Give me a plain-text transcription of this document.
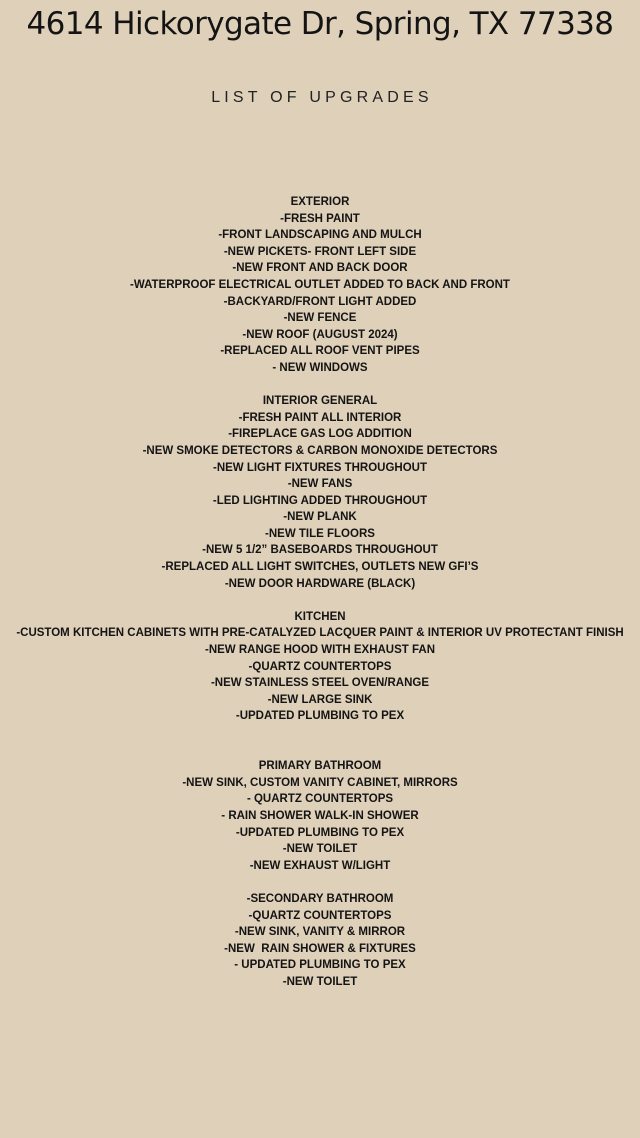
4614 Hickorygate Dr, Spring, TX 77338
LIST OF UPGRADES
EXTERIOR
-FRESH PAINT
-FRONT LANDSCAPING AND MULCH
-NEW PICKETS- FRONT LEFT SIDE
-NEW FRONT AND BACK DOOR
-WATERPROOF ELECTRICAL OUTLET ADDED TO BACK AND FRONT
-BACKYARD/FRONT LIGHT ADDED
-NEW FENCE
-NEW ROOF (AUGUST 2024)
-REPLACED ALL ROOF VENT PIPES
- NEW WINDOWS
INTERIOR GENERAL
-FRESH PAINT ALL INTERIOR
-FIREPLACE GAS LOG ADDITION
-NEW SMOKE DETECTORS & CARBON MONOXIDE DETECTORS
-NEW LIGHT FIXTURES THROUGHOUT
-NEW FANS
-LED LIGHTING ADDED THROUGHOUT
-NEW PLANK
-NEW TILE FLOORS
-NEW 5 1/2” BASEBOARDS THROUGHOUT
-REPLACED ALL LIGHT SWITCHES, OUTLETS NEW GFI’S
-NEW DOOR HARDWARE (BLACK)
KITCHEN
-CUSTOM KITCHEN CABINETS WITH PRE-CATALYZED LACQUER PAINT & INTERIOR UV PROTECTANT FINISH
-NEW RANGE HOOD WITH EXHAUST FAN
-QUARTZ COUNTERTOPS
-NEW STAINLESS STEEL OVEN/RANGE
-NEW LARGE SINK
-UPDATED PLUMBING TO PEX
PRIMARY BATHROOM
-NEW SINK, CUSTOM VANITY CABINET, MIRRORS
- QUARTZ COUNTERTOPS
- RAIN SHOWER WALK-IN SHOWER
-UPDATED PLUMBING TO PEX
-NEW TOILET
-NEW EXHAUST W/LIGHT
-SECONDARY BATHROOM
-QUARTZ COUNTERTOPS
-NEW SINK, VANITY & MIRROR
-NEW  RAIN SHOWER & FIXTURES
- UPDATED PLUMBING TO PEX
-NEW TOILET
